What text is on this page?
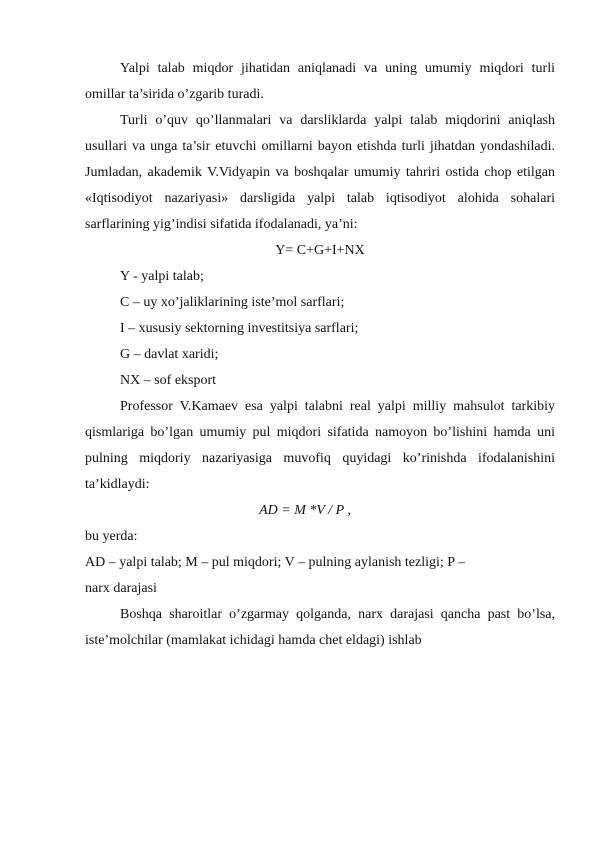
Yalpi talab miqdor jihatidan aniqlanadi va uning umumiy miqdori turli omillar ta’sirida o’zgarib turadi.

Turli o’quv qo’llanmalari va darsliklarda yalpi talab miqdorini aniqlash usullari va unga ta’sir etuvchi omillarni bayon etishda turli jihatdan yondashiladi. Jumladan, akademik V.Vidyapin va boshqalar umumiy tahriri ostida chop etilgan «Iqtisodiyot nazariyasi» darsligida yalpi talab iqtisodiyot alohida sohalari sarflarining yig’indisi sifatida ifodalanadi, ya’ni:

Y= C+G+I+NX

Y - yalpi talab;

C – uy xo’jaliklarining iste’mol sarflari;

I – xususiy sektorning investitsiya sarflari;

G – davlat xaridi;

NX – sof eksport

Professor V.Kamaev esa yalpi talabni real yalpi milliy mahsulot tarkibiy qismlariga bo’lgan umumiy pul miqdori sifatida namoyon bo’lishini hamda uni pulning miqdoriy nazariyasiga muvofiq quyidagi ko’rinishda ifodalanishini ta’kidlaydi:

AD = M *V / P ,

bu yerda:

AD – yalpi talab; M – pul miqdori; V – pulning aylanish tezligi; P –

narx darajasi

Boshqa sharoitlar o’zgarmay qolganda, narx darajasi qancha past bo’lsa, iste’molchilar (mamlakat ichidagi hamda chet eldagi) ishlab
